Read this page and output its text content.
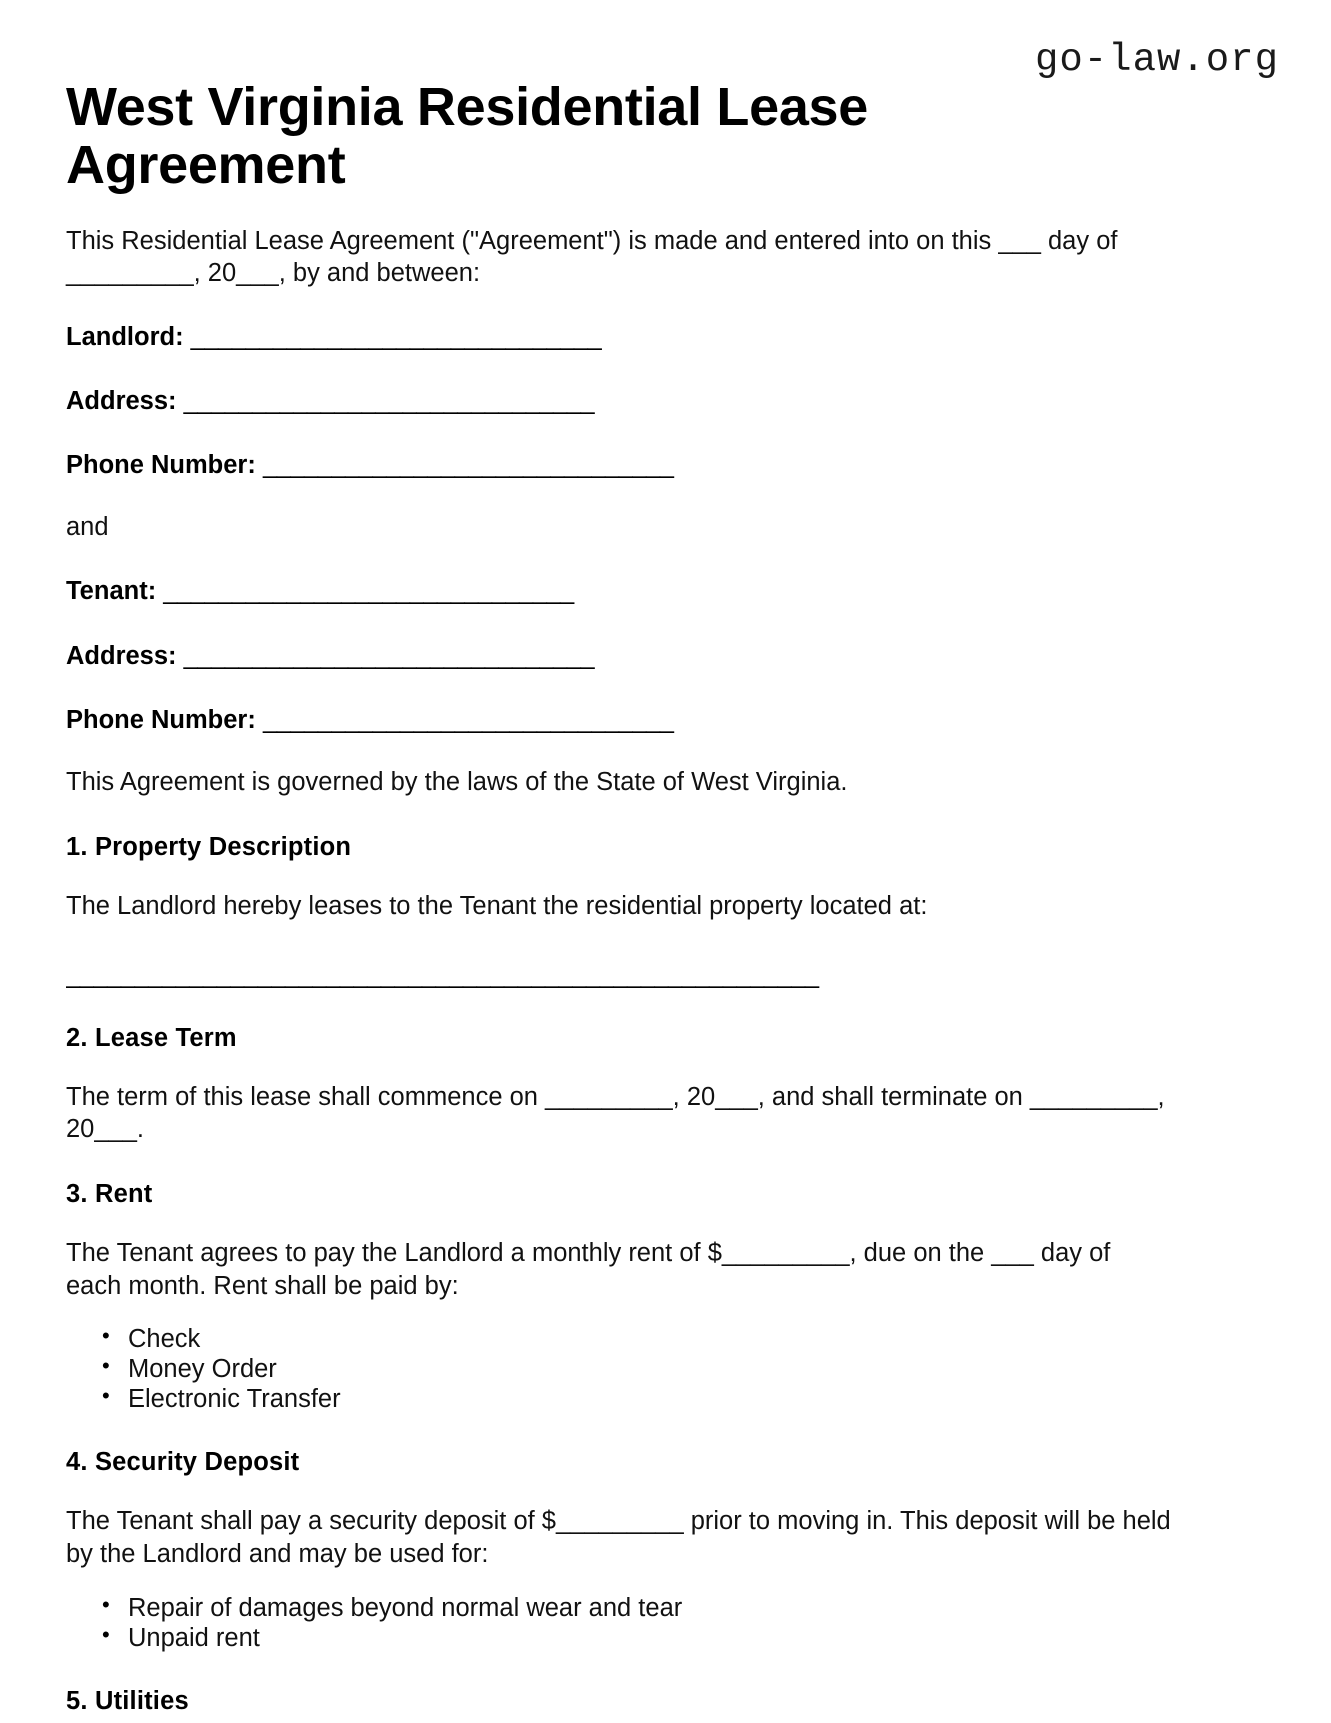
go-law.org
West Virginia Residential Lease Agreement

This Residential Lease Agreement ("Agreement") is made and entered into on this ___ day of _________, 20___, by and between:

Landlord: ______________________________
Address: ______________________________
Phone Number: ______________________________

and

Tenant: ______________________________
Address: ______________________________
Phone Number: ______________________________

This Agreement is governed by the laws of the State of West Virginia.

1. Property Description

The Landlord hereby leases to the Tenant the residential property located at:

_______________________________________________________
2. Lease Term

The term of this lease shall commence on _________, 20___, and shall terminate on _________, 20___.

3. Rent

The Tenant agrees to pay the Landlord a monthly rent of $_________, due on the ___ day of each month. Rent shall be paid by:

• Check
• Money Order
• Electronic Transfer
4. Security Deposit

The Tenant shall pay a security deposit of $_________ prior to moving in. This deposit will be held by the Landlord and may be used for:

• Repair of damages beyond normal wear and tear
• Unpaid rent
5. Utilities
